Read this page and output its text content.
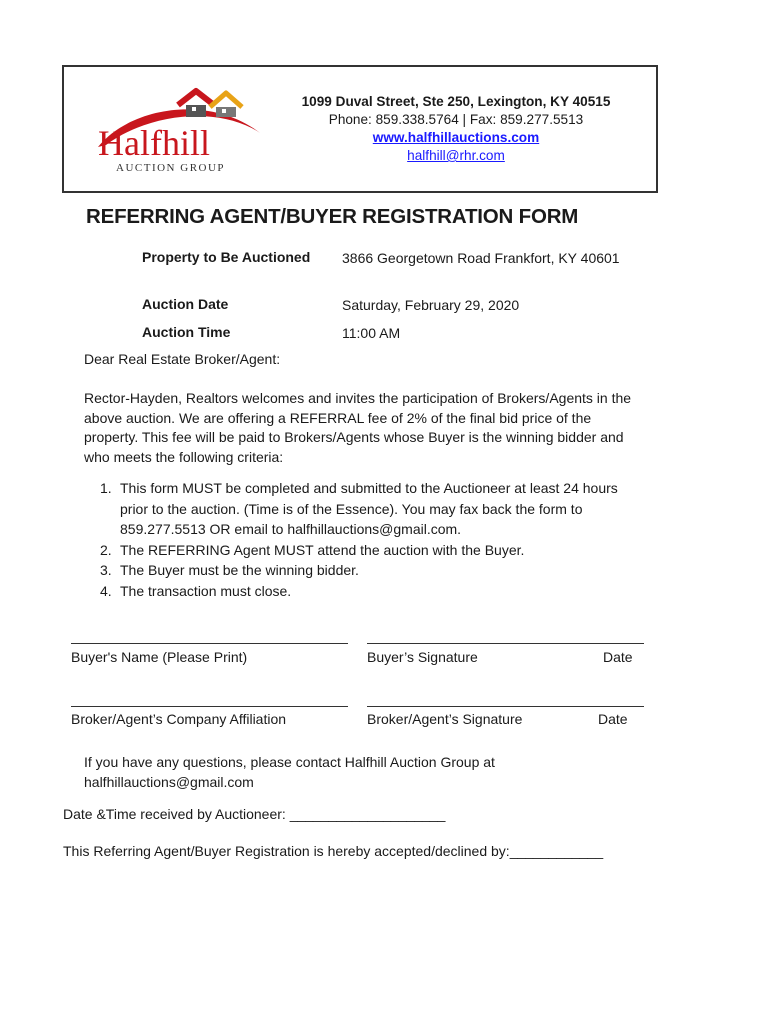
Halfhill
AUCTION GROUP
1099 Duval Street, Ste 250, Lexington, KY 40515
Phone: 859.338.5764 | Fax: 859.277.5513
www.halfhillauctions.com
halfhill@rhr.com
REFERRING AGENT/BUYER REGISTRATION FORM
Property to Be Auctioned 3866 Georgetown Road Frankfort, KY 40601
Auction Date	Saturday, February 29, 2020
Auction Time	11:00 AM
Dear Real Estate Broker/Agent:
Rector-Hayden, Realtors welcomes and invites the participation of Brokers/Agents in the above auction. We are offering a REFERRAL fee of 2% of the final bid price of the property. This fee will be paid to Brokers/Agents whose Buyer is the winning bidder and who meets the following criteria:
1. This form MUST be completed and submitted to the Auctioneer at least 24 hours prior to the auction. (Time is of the Essence). You may fax back the form to 859.277.5513 OR email to halfhillauctions@gmail.com.
2. The REFERRING Agent MUST attend the auction with the Buyer.
3. The Buyer must be the winning bidder.
4. The transaction must close.
Buyer's Name (Please Print)	Buyer’s Signature	Date
Broker/Agent’s Company Affiliation	Broker/Agent’s Signature	Date
If you have any questions, please contact Halfhill Auction Group at halfhillauctions@gmail.com
Date &Time received by Auctioneer: ____________________
This Referring Agent/Buyer Registration is hereby accepted/declined by:____________
